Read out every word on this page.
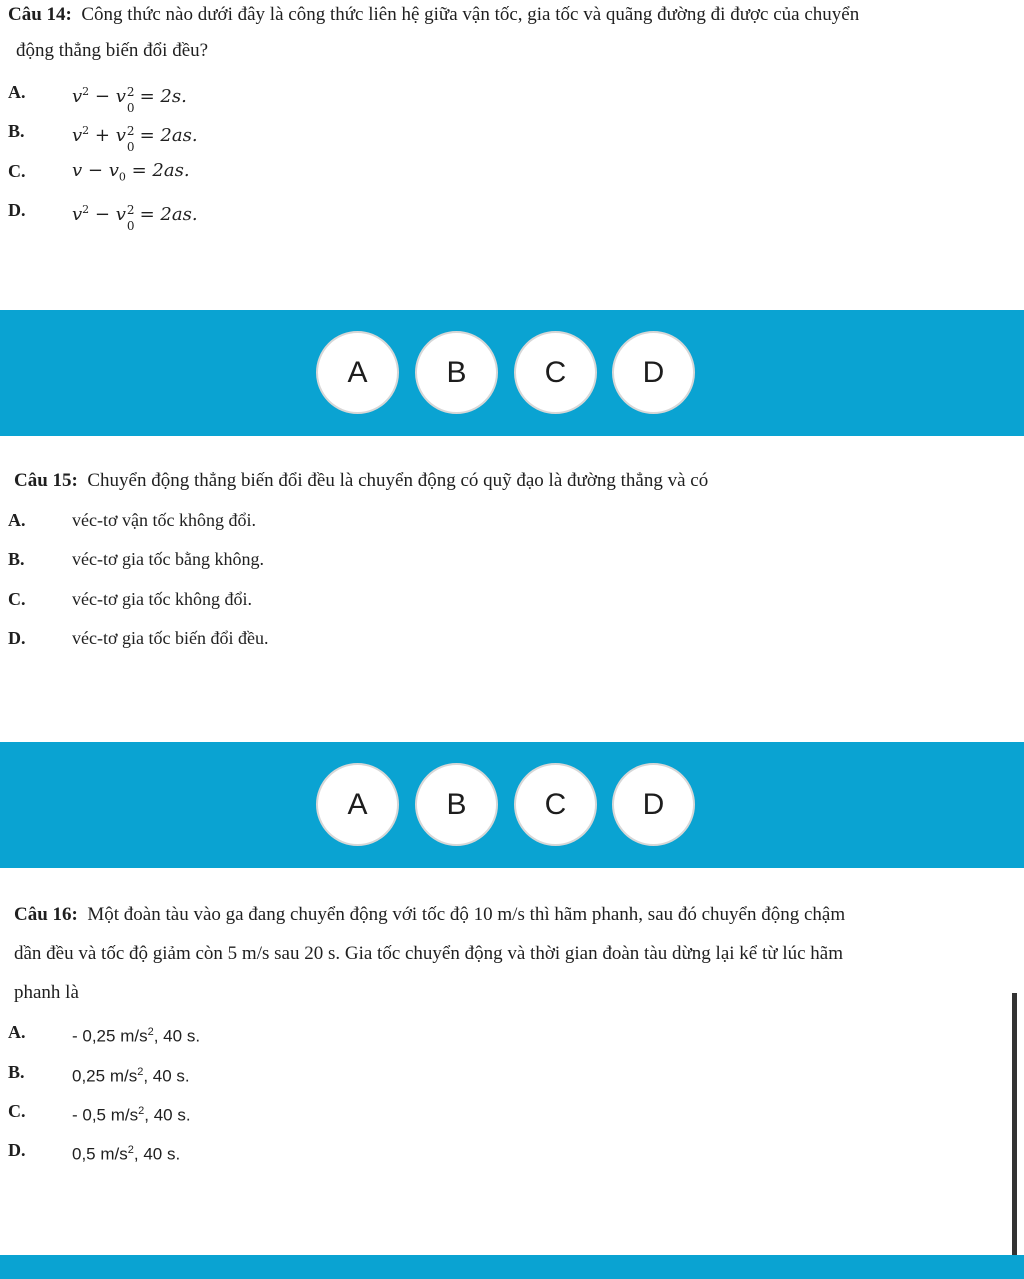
Câu 14: Công thức nào dưới đây là công thức liên hệ giữa vận tốc, gia tốc và quãng đường đi được của chuyển
động thẳng biến đổi đều?
A.	$v^2 - v$ 2
0
= 2s.
B.	$v^2 + v$ 2
0
= 2as.
C.	$v - v_0 = 2as$.
D.	$v^2 - v$ 2
0
= 2as.
A	B	C	D
Câu 15: Chuyển động thẳng biến đổi đều là chuyển động có quỹ đạo là đường thẳng và có
A.	véc-tơ vận tốc không đổi.
B.	véc-tơ gia tốc bằng không.
C.	véc-tơ gia tốc không đổi.
D.	véc-tơ gia tốc biến đổi đều.
A	B	C	D
Câu 16: Một đoàn tàu vào ga đang chuyển động với tốc độ 10 m/s thì hãm phanh, sau đó chuyển động chậm
dần đều và tốc độ giảm còn 5 m/s sau 20 s. Gia tốc chuyển động và thời gian đoàn tàu dừng lại kể từ lúc hãm
phanh là
A.	- 0,25 $m/s^2$, 40 s.
B.	0,25 $m/s^2$, 40 s.
C.	- 0,5 $m/s^2$, 40 s.
D.	0,5 $m/s^2$, 40 s.
